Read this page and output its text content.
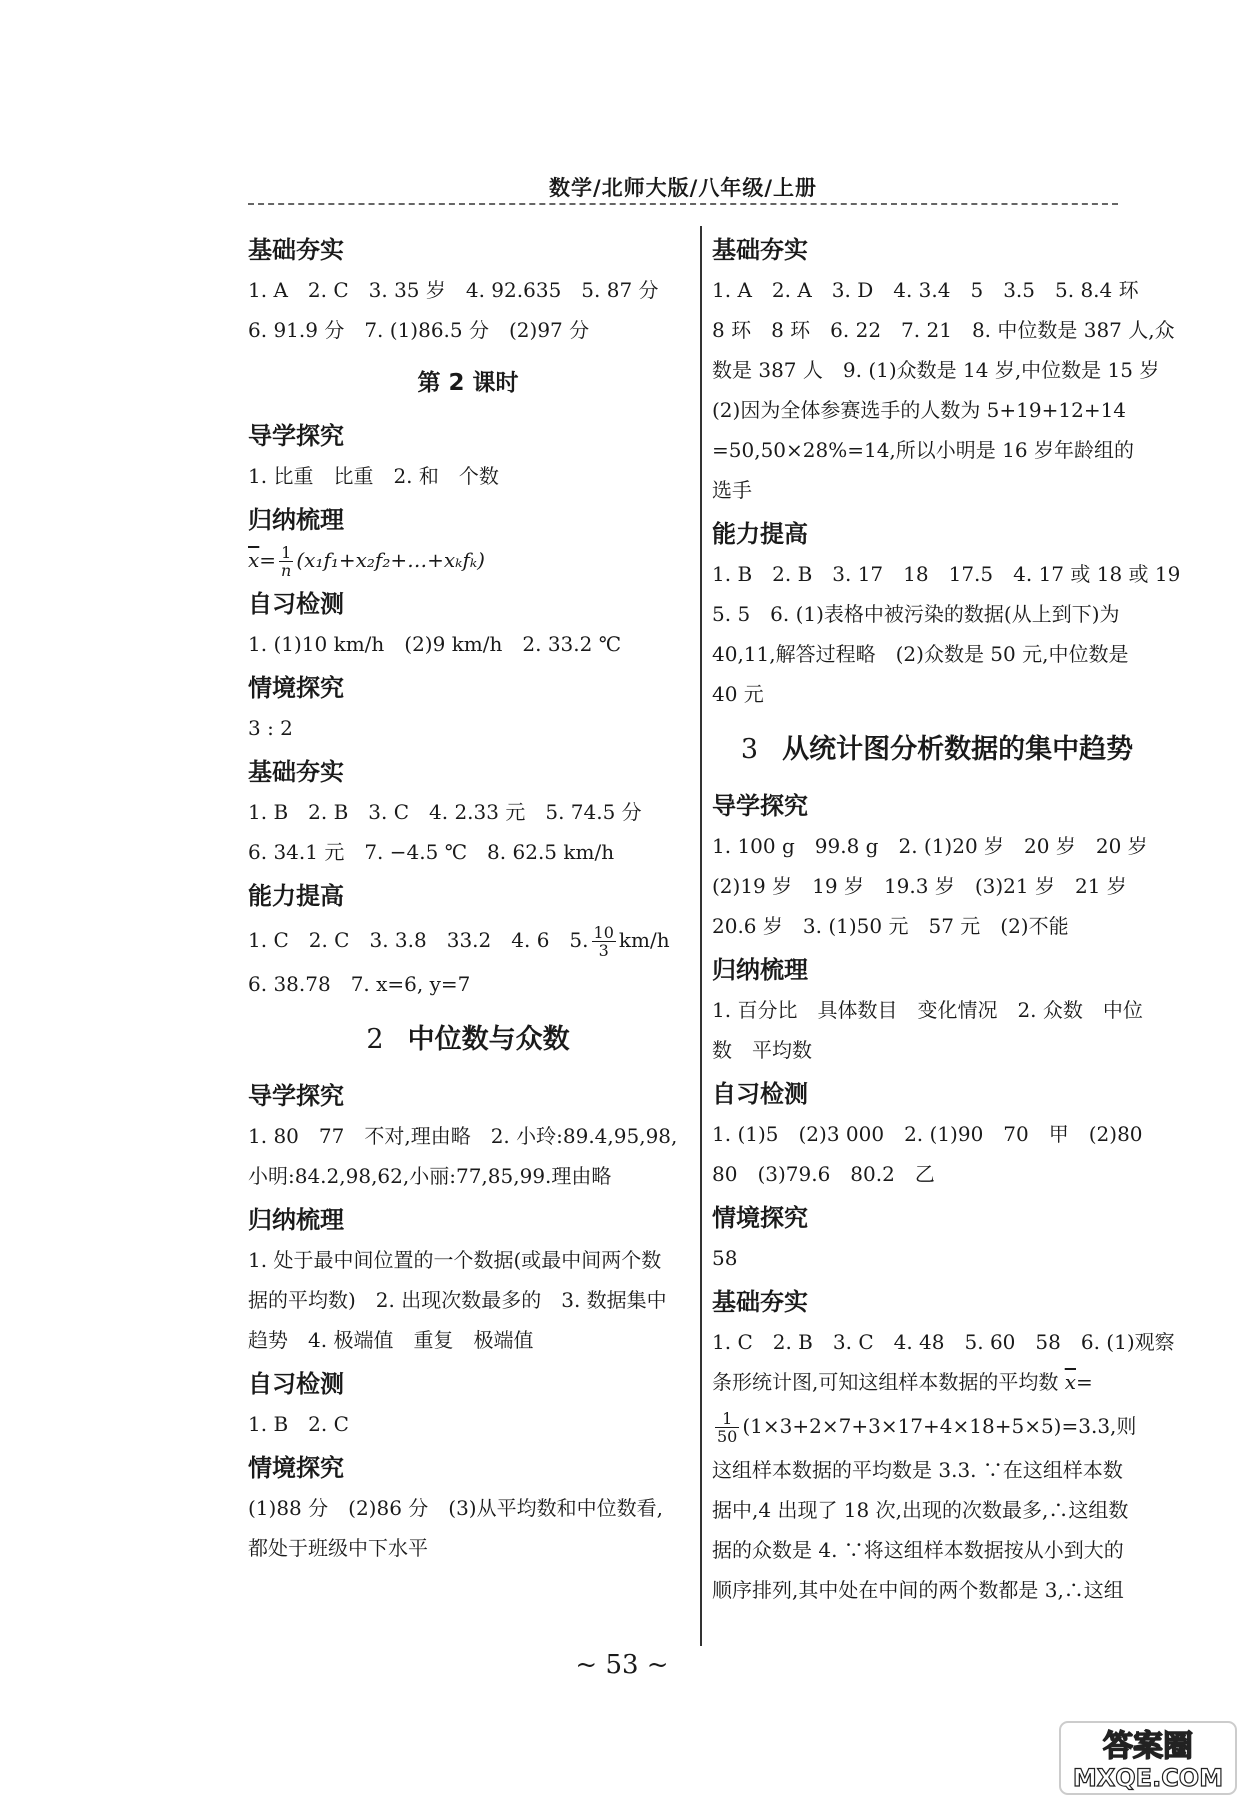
数学/北师大版/八年级/上册
基础夯实
1. A　2. C　3. 35 岁　4. 92.635　5. 87 分
6. 91.9 分　7. (1)86.5 分　(2)97 分
第 2 课时
导学探究
1. 比重　比重　2. 和　个数
归纳梳理
$\overline{x}= \frac{1}{n}$ (x₁f₁+x₂f₂+…+xₖfₖ)
自习检测
1. (1)10 km/h　(2)9 km/h　2. 33.2 ℃
情境探究
3 : 2
基础夯实
1. B　2. B　3. C　4. 2.33 元　5. 74.5 分
6. 34.1 元　7. −4.5 ℃　8. 62.5 km/h
能力提高
1. C　2. C　3. 3.8　33.2　4. 6　5. $\frac{10}{3} km/h$
6. 38.78　7. x=6, y=7
2 中位数与众数
导学探究
1. 80　77　不对,理由略　2. 小玲:89.4,95,98,
小明:84.2,98,62,小丽:77,85,99.理由略
归纳梳理
1. 处于最中间位置的一个数据(或最中间两个数
据的平均数)　2. 出现次数最多的　3. 数据集中
趋势　4. 极端值　重复　极端值
自习检测
1. B　2. C
情境探究
(1)88 分　(2)86 分　(3)从平均数和中位数看,
都处于班级中下水平
基础夯实
1. A　2. A　3. D　4. 3.4　5　3.5　5. 8.4 环
8 环　8 环　6. 22　7. 21　8. 中位数是 387 人,众
数是 387 人　9. (1)众数是 14 岁,中位数是 15 岁
(2)因为全体参赛选手的人数为 5+19+12+14
=50,50×28%=14,所以小明是 16 岁年龄组的
选手
能力提高
1. B　2. B　3. 17　18　17.5　4. 17 或 18 或 19
5. 5　6. (1)表格中被污染的数据(从上到下)为
40,11,解答过程略　(2)众数是 50 元,中位数是
40 元
3 从统计图分析数据的集中趋势
导学探究
1. 100 g　99.8 g　2. (1)20 岁　20 岁　20 岁
(2)19 岁　19 岁　19.3 岁　(3)21 岁　21 岁
20.6 岁　3. (1)50 元　57 元　(2)不能
归纳梳理
1. 百分比　具体数目　变化情况　2. 众数　中位
数　平均数
自习检测
1. (1)5　(2)3 000　2. (1)90　70　甲　(2)80
80　(3)79.6　80.2　乙
情境探究
58
基础夯实
1. C　2. B　3. C　4. 48　5. 60　58　6. (1)观察
条形统计图,可知这组样本数据的平均数 $\overline{x}=$
$\frac{1}{50} (1\times 3+2\times 7+3\times 17+4\times 18+5\times 5)=3.3$,则
这组样本数据的平均数是 3.3. ∵在这组样本数
据中,4 出现了 18 次,出现的次数最多,∴这组数
据的众数是 4. ∵将这组样本数据按从小到大的
顺序排列,其中处在中间的两个数都是 3,∴这组
~ 53 ~
答案圈
MXQE.COM
